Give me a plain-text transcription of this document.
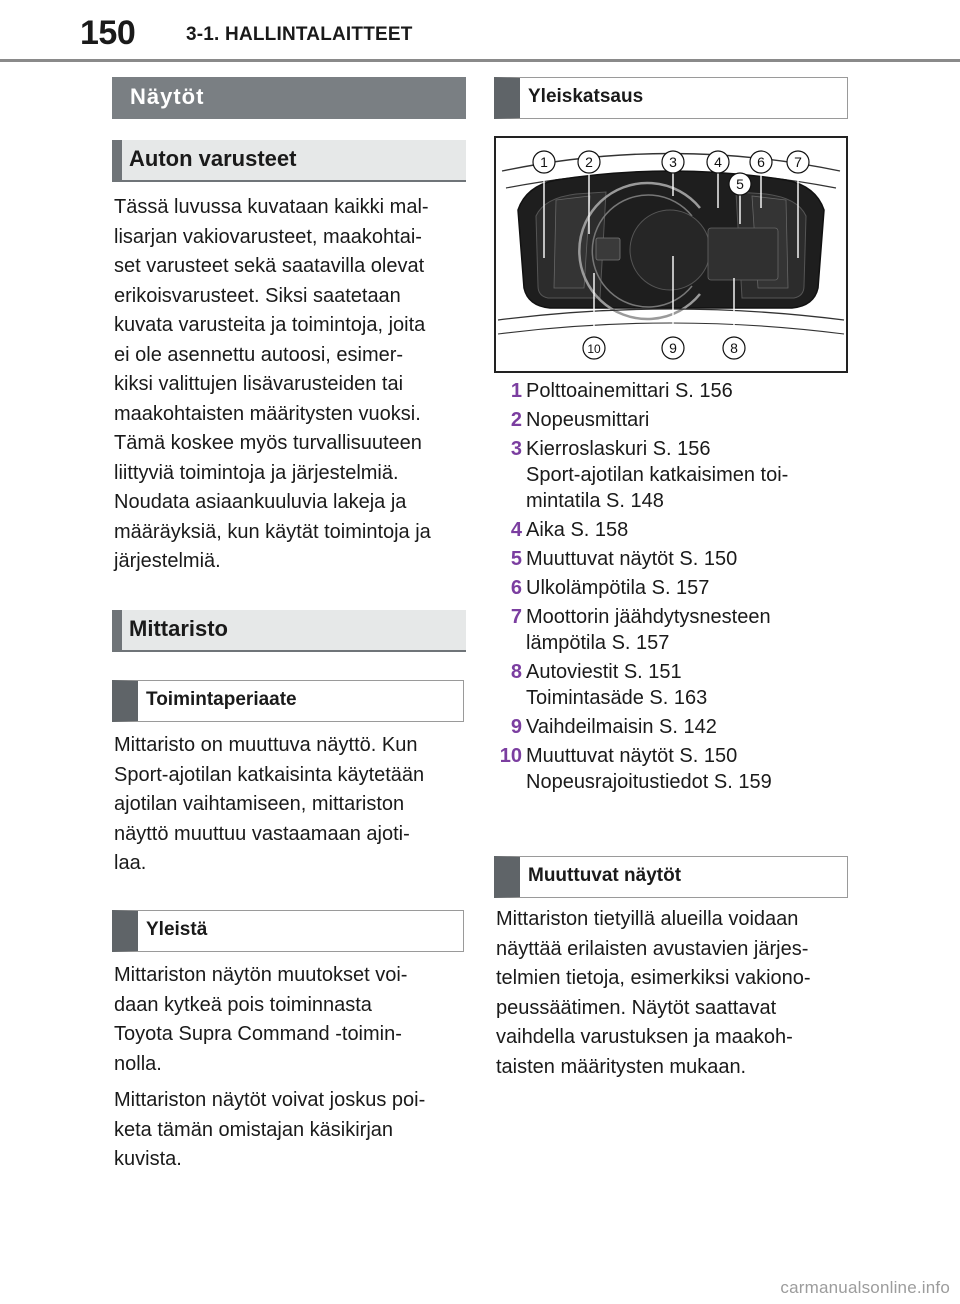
150	3-1. HALLINTALAITTEET
Näytöt
Auton varusteet
Tässä luvussa kuvataan kaikki mal-
lisarjan vakiovarusteet, maakohtai-
set varusteet sekä saatavilla olevat
erikoisvarusteet. Siksi saatetaan
kuvata varusteita ja toimintoja, joita
ei ole asennettu autoosi, esimer-
kiksi valittujen lisävarusteiden tai
maakohtaisten määritysten vuoksi.
Tämä koskee myös turvallisuuteen
liittyviä toimintoja ja järjestelmiä.
Noudata asiaankuuluvia lakeja ja
määräyksiä, kun käytät toimintoja ja
järjestelmiä.
Mittaristo
Toimintaperiaate
Mittaristo on muuttuva näyttö. Kun
Sport-ajotilan katkaisinta käytetään
ajotilan vaihtamiseen, mittariston
näyttö muuttuu vastaamaan ajoti-
laa.
Yleistä
Mittariston näytön muutokset voi-
daan kytkeä pois toiminnasta
Toyota Supra Command -toimin-
nolla.
Mittariston näytöt voivat joskus poi-
keta tämän omistajan käsikirjan
kuvista.
Yleiskatsaus
1	2	3	4
5
6 7
8
9
10
1 Polttoainemittari S. 156
2 Nopeusmittari
3 Kierroslaskuri S. 156
Sport-ajotilan katkaisimen toi-
mintatila S. 148
4 Aika S. 158
5 Muuttuvat näytöt S. 150
6 Ulkolämpötila S. 157
7 Moottorin jäähdytysnesteen
lämpötila S. 157
8 Autoviestit S. 151
Toimintasäde S. 163
9 Vaihdeilmaisin S. 142
10 Muuttuvat näytöt S. 150
Nopeusrajoitustiedot S. 159
Muuttuvat näytöt
Mittariston tietyillä alueilla voidaan
näyttää erilaisten avustavien järjes-
telmien tietoja, esimerkiksi vakiono-
peussäätimen. Näytöt saattavat
vaihdella varustuksen ja maakoh-
taisten määritysten mukaan.
carmanualsonline.info
